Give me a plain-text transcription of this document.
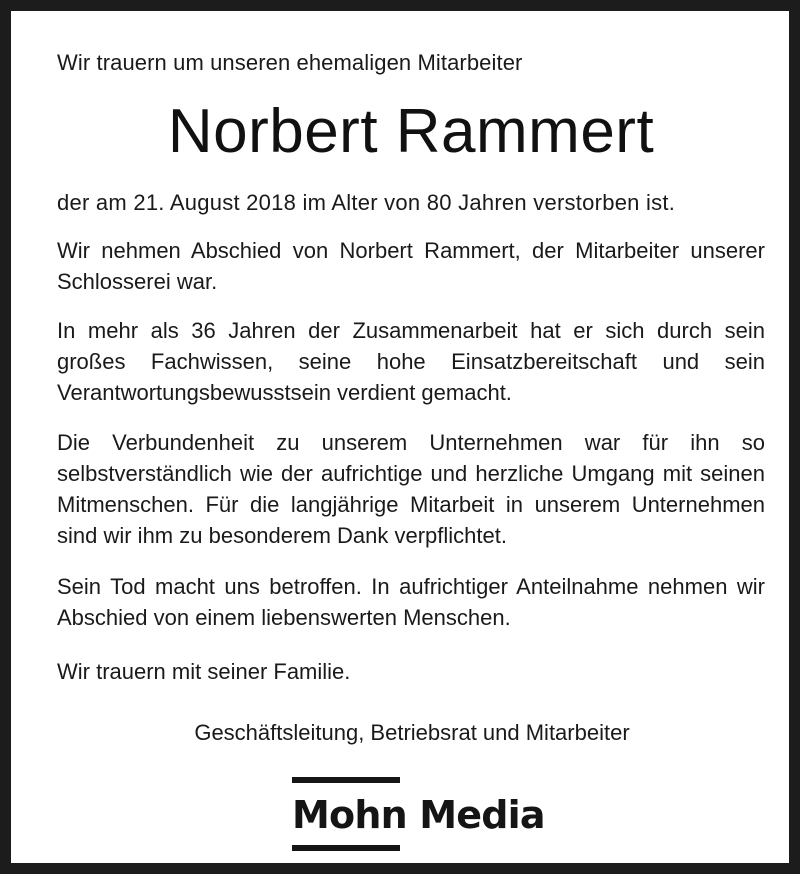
Wir trauern um unseren ehemaligen Mitarbeiter

Norbert Rammert

der am 21. August 2018 im Alter von 80 Jahren verstorben ist.

Wir nehmen Abschied von Norbert Rammert, der Mitarbeiter unserer Schlosserei war.

In mehr als 36 Jahren der Zusammenarbeit hat er sich durch sein großes Fachwissen, seine hohe Einsatzbereitschaft und sein Verantwortungsbewusstsein verdient gemacht.

Die Verbundenheit zu unserem Unternehmen war für ihn so selbstverständlich wie der aufrichtige und herzliche Umgang mit seinen Mitmenschen. Für die langjährige Mitarbeit in unserem Unternehmen sind wir ihm zu besonderem Dank verpflichtet.

Sein Tod macht uns betroffen. In aufrichtiger Anteilnahme nehmen wir Abschied von einem liebenswerten Menschen.

Wir trauern mit seiner Familie.

Geschäftsleitung, Betriebsrat und Mitarbeiter

Mohn Media
